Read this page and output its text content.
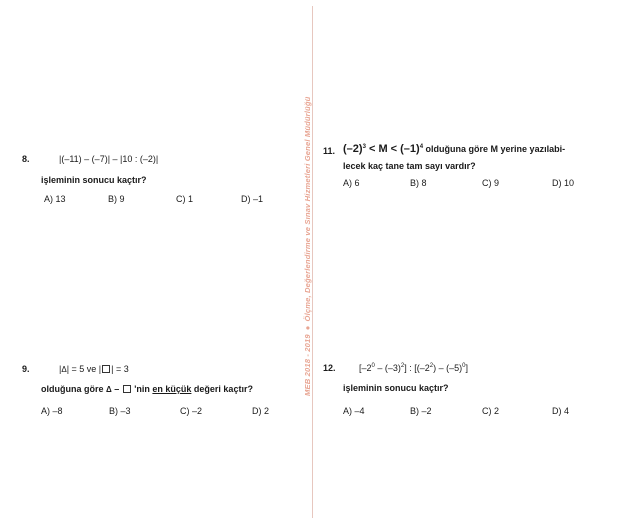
MEB 2018 - 2019●Ölçme, Değerlendirme ve Sınav Hizmetleri Genel Müdürlüğü
8.	|(–11) – (–7)| – |10 : (–2)|
işleminin sonucu kaçtır?
A) 13	B) 9	C) 1	D) –1
9.	|Δ| = 5 ve | | = 3
olduğuna göre Δ –  'nin en küçük değeri kaçtır?
A) –8	B) –3	C) –2	D) 2
11. $(-2)^3 < M < (-1)^4$ olduğuna göre M yerine yazılabi-
lecek kaç tane tam sayı vardır?
A) 6	B) 8	C) 9	D) 10
12.	$[-2^0 - (-3)^2]$ : $[(-2^2) - (-5)^0]$
işleminin sonucu kaçtır?
A) –4	B) –2	C) 2	D) 4
